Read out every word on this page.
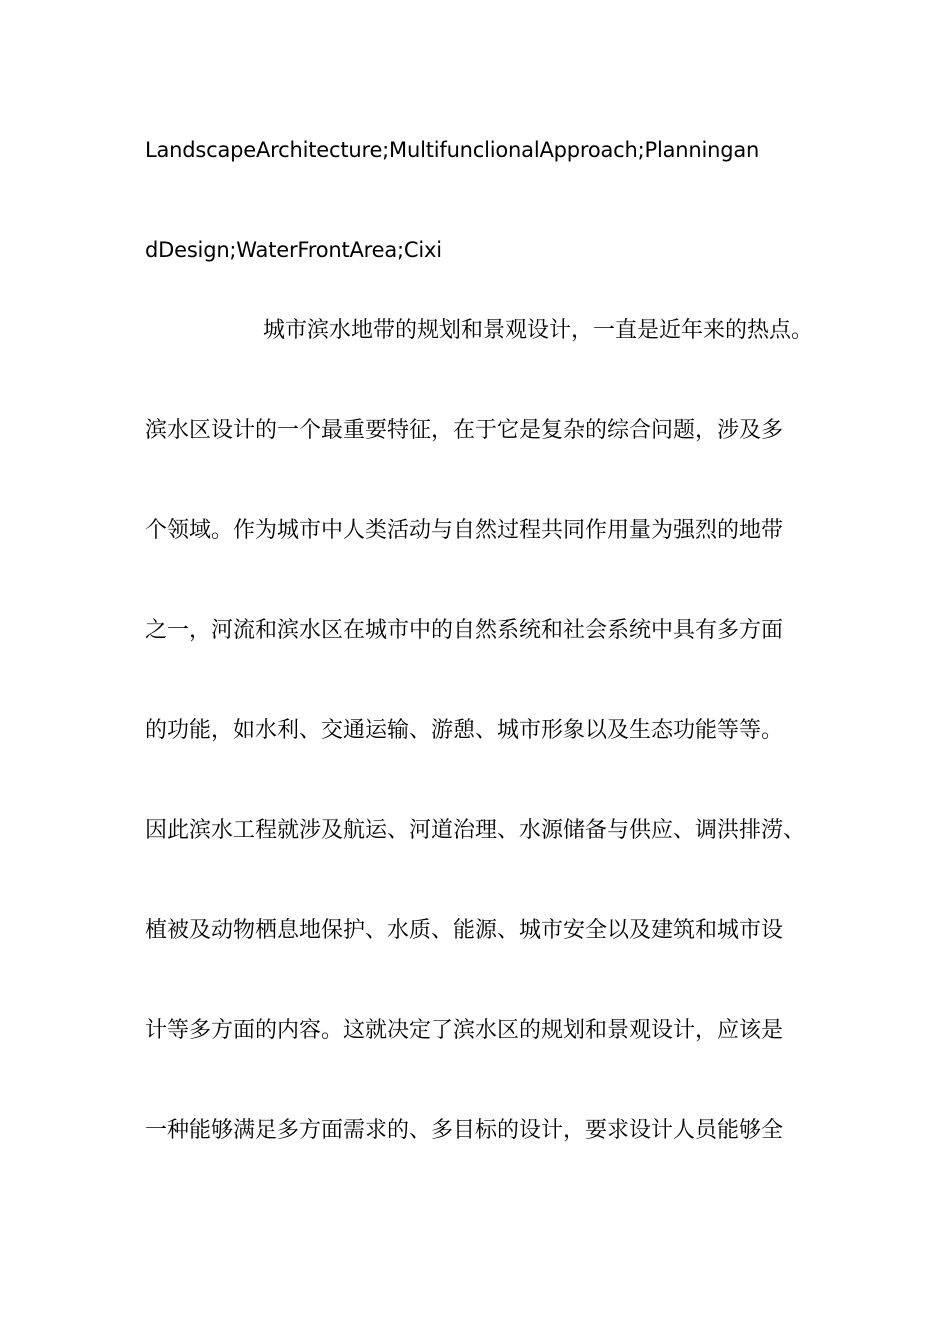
LandscapeArchitecture;MultifunclionalApproach;Planningan
dDesign;WaterFrontArea;Cixi
城市滨水地带的规划和景观设计，一直是近年来的热点。
滨水区设计的一个最重要特征，在于它是复杂的综合问题，涉及多
个领域。作为城市中人类活动与自然过程共同作用量为强烈的地带
之一，河流和滨水区在城市中的自然系统和社会系统中具有多方面
的功能，如水利、交通运输、游憩、城市形象以及生态功能等等。
因此滨水工程就涉及航运、河道治理、水源储备与供应、调洪排涝、
植被及动物栖息地保护、水质、能源、城市安全以及建筑和城市设
计等多方面的内容。这就决定了滨水区的规划和景观设计，应该是
一种能够满足多方面需求的、多目标的设计，要求设计人员能够全
